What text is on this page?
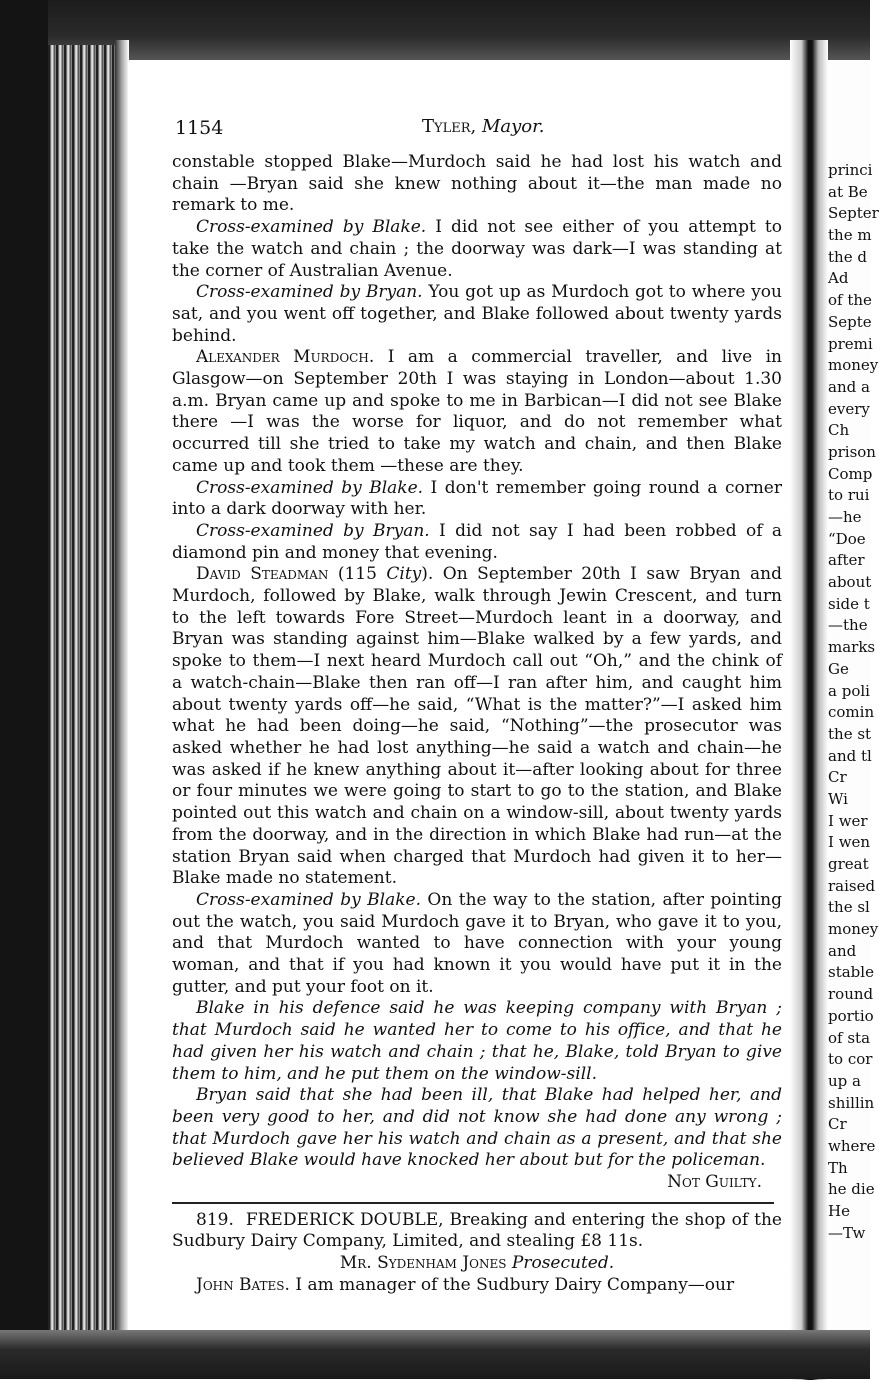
princi
at Be
Septer
the m
the d
Ad
of the
Septe
premi
money
and a
every
Ch
prison
Comp
to rui
—he
“Doe
after
about
side t
—the
marks
Ge
a poli
comin
the st
and tl
Cr
Wi
I wer
I wen
great
raised
the sl
money
and
stable
round
portio
of sta
to cor
up a
shillin
Cr
where
Th
he die
He
—Tw
1154	Tyler, Mayor.

constable stopped Blake—Murdoch said he had lost his watch and chain —Bryan said she knew nothing about it—the man made no remark to me.

Cross-examined by Blake. I did not see either of you attempt to take the watch and chain ; the doorway was dark—I was standing at the corner of Australian Avenue.

Cross-examined by Bryan. You got up as Murdoch got to where you sat, and you went off together, and Blake followed about twenty yards behind.

Alexander Murdoch. I am a commercial traveller, and live in Glasgow—on September 20th I was staying in London—about 1.30 a.m. Bryan came up and spoke to me in Barbican—I did not see Blake there —I was the worse for liquor, and do not remember what occurred till she tried to take my watch and chain, and then Blake came up and took them —these are they.

Cross-examined by Blake. I don't remember going round a corner into a dark doorway with her.

Cross-examined by Bryan. I did not say I had been robbed of a diamond pin and money that evening.

David Steadman (115 City). On September 20th I saw Bryan and Murdoch, followed by Blake, walk through Jewin Crescent, and turn to the left towards Fore Street—Murdoch leant in a doorway, and Bryan was standing against him—Blake walked by a few yards, and spoke to them—I next heard Murdoch call out “Oh,” and the chink of a watch-chain—Blake then ran off—I ran after him, and caught him about twenty yards off—he said, “What is the matter?”—I asked him what he had been doing—he said, “Nothing”—the prosecutor was asked whether he had lost anything—he said a watch and chain—he was asked if he knew anything about it—after looking about for three or four minutes we were going to start to go to the station, and Blake pointed out this watch and chain on a window-sill, about twenty yards from the doorway, and in the direction in which Blake had run—at the station Bryan said when charged that Murdoch had given it to her—Blake made no statement.

Cross-examined by Blake. On the way to the station, after pointing out the watch, you said Murdoch gave it to Bryan, who gave it to you, and that Murdoch wanted to have connection with your young woman, and that if you had known it you would have put it in the gutter, and put your foot on it.

Blake in his defence said he was keeping company with Bryan ; that Murdoch said he wanted her to come to his office, and that he had given her his watch and chain ; that he, Blake, told Bryan to give them to him, and he put them on the window-sill.

Bryan said that she had been ill, that Blake had helped her, and been very good to her, and did not know she had done any wrong ; that Murdoch gave her his watch and chain as a present, and that she believed Blake would have knocked her about but for the policeman.

Not Guilty.

819. FREDERICK DOUBLE, Breaking and entering the shop of the Sudbury Dairy Company, Limited, and stealing £8 11s.

Mr. Sydenham Jones Prosecuted.

John Bates. I am manager of the Sudbury Dairy Company—our
